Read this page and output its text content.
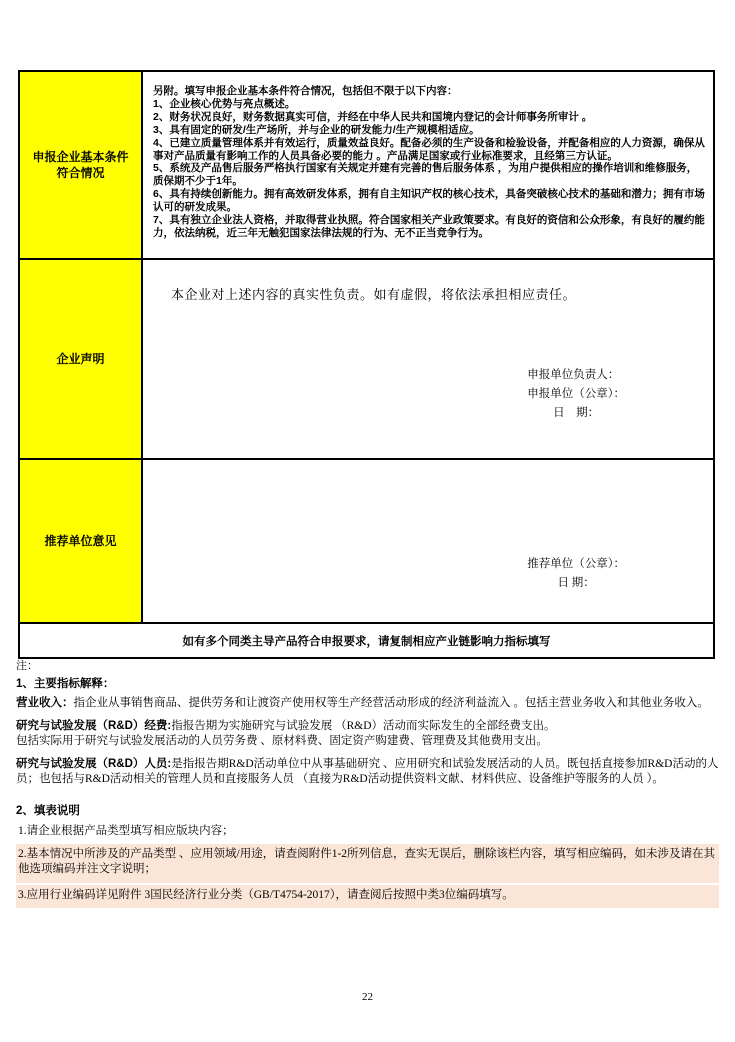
申报企业基本条件符合情况
另附。填写申报企业基本条件符合情况，包括但不限于以下内容：
1、企业核心优势与亮点概述。
2、财务状况良好，财务数据真实可信，并经在中华人民共和国境内登记的会计师事务所审计 。
3、具有固定的研发/生产场所，并与企业的研发能力/生产规模相适应。
4、已建立质量管理体系并有效运行，质量效益良好。配备必须的生产设备和检验设备，并配备相应的人力资源，确保从事对产品质量有影响工作的人员具备必要的能力 。产品满足国家或行业标准要求，且经第三方认证。
5、系统及产品售后服务严格执行国家有关规定并建有完善的售后服务体系 ，为用户提供相应的操作培训和维修服务，质保期不少于1年。
6、具有持续创新能力。拥有高效研发体系，拥有自主知识产权的核心技术，具备突破核心技术的基础和潜力；拥有市场认可的研发成果。
7、具有独立企业法人资格，并取得营业执照。符合国家相关产业政策要求。有良好的资信和公众形象，有良好的履约能力，依法纳税，近三年无触犯国家法律法规的行为、无不正当竞争行为。
企业声明
本企业对上述内容的真实性负责。如有虚假，将依法承担相应责任。
申报单位负责人：
申报单位（公章）：
日　期：
推荐单位意见
推荐单位（公章）：
日 期：
如有多个同类主导产品符合申报要求，请复制相应产业链影响力指标填写
注：
1、主要指标解释：

营业收入：指企业从事销售商品、提供劳务和让渡资产使用权等生产经营活动形成的经济利益流入 。包括主营业务收入和其他业务收入。

研究与试验发展（R&D）经费:指报告期为实施研究与试验发展 （R&D）活动而实际发生的全部经费支出。
包括实际用于研究与试验发展活动的人员劳务费 、原材料费、固定资产购建费、管理费及其他费用支出。

研究与试验发展（R&D）人员:是指报告期R&D活动单位中从事基础研究 、应用研究和试验发展活动的人员。既包括直接参加R&D活动的人员；也包括与R&D活动相关的管理人员和直接服务人员 （直接为R&D活动提供资料文献、材料供应、设备维护等服务的人员 ）。

2、填表说明
1.请企业根据产品类型填写相应版块内容；
2.基本情况中所涉及的产品类型 、应用领域/用途，请查阅附件1-2所列信息，查实无误后，删除该栏内容，填写相应编码，如未涉及请在其他选项编码并注文字说明；
3.应用行业编码详见附件 3国民经济行业分类（GB/T4754-2017），请查阅后按照中类3位编码填写。
22
